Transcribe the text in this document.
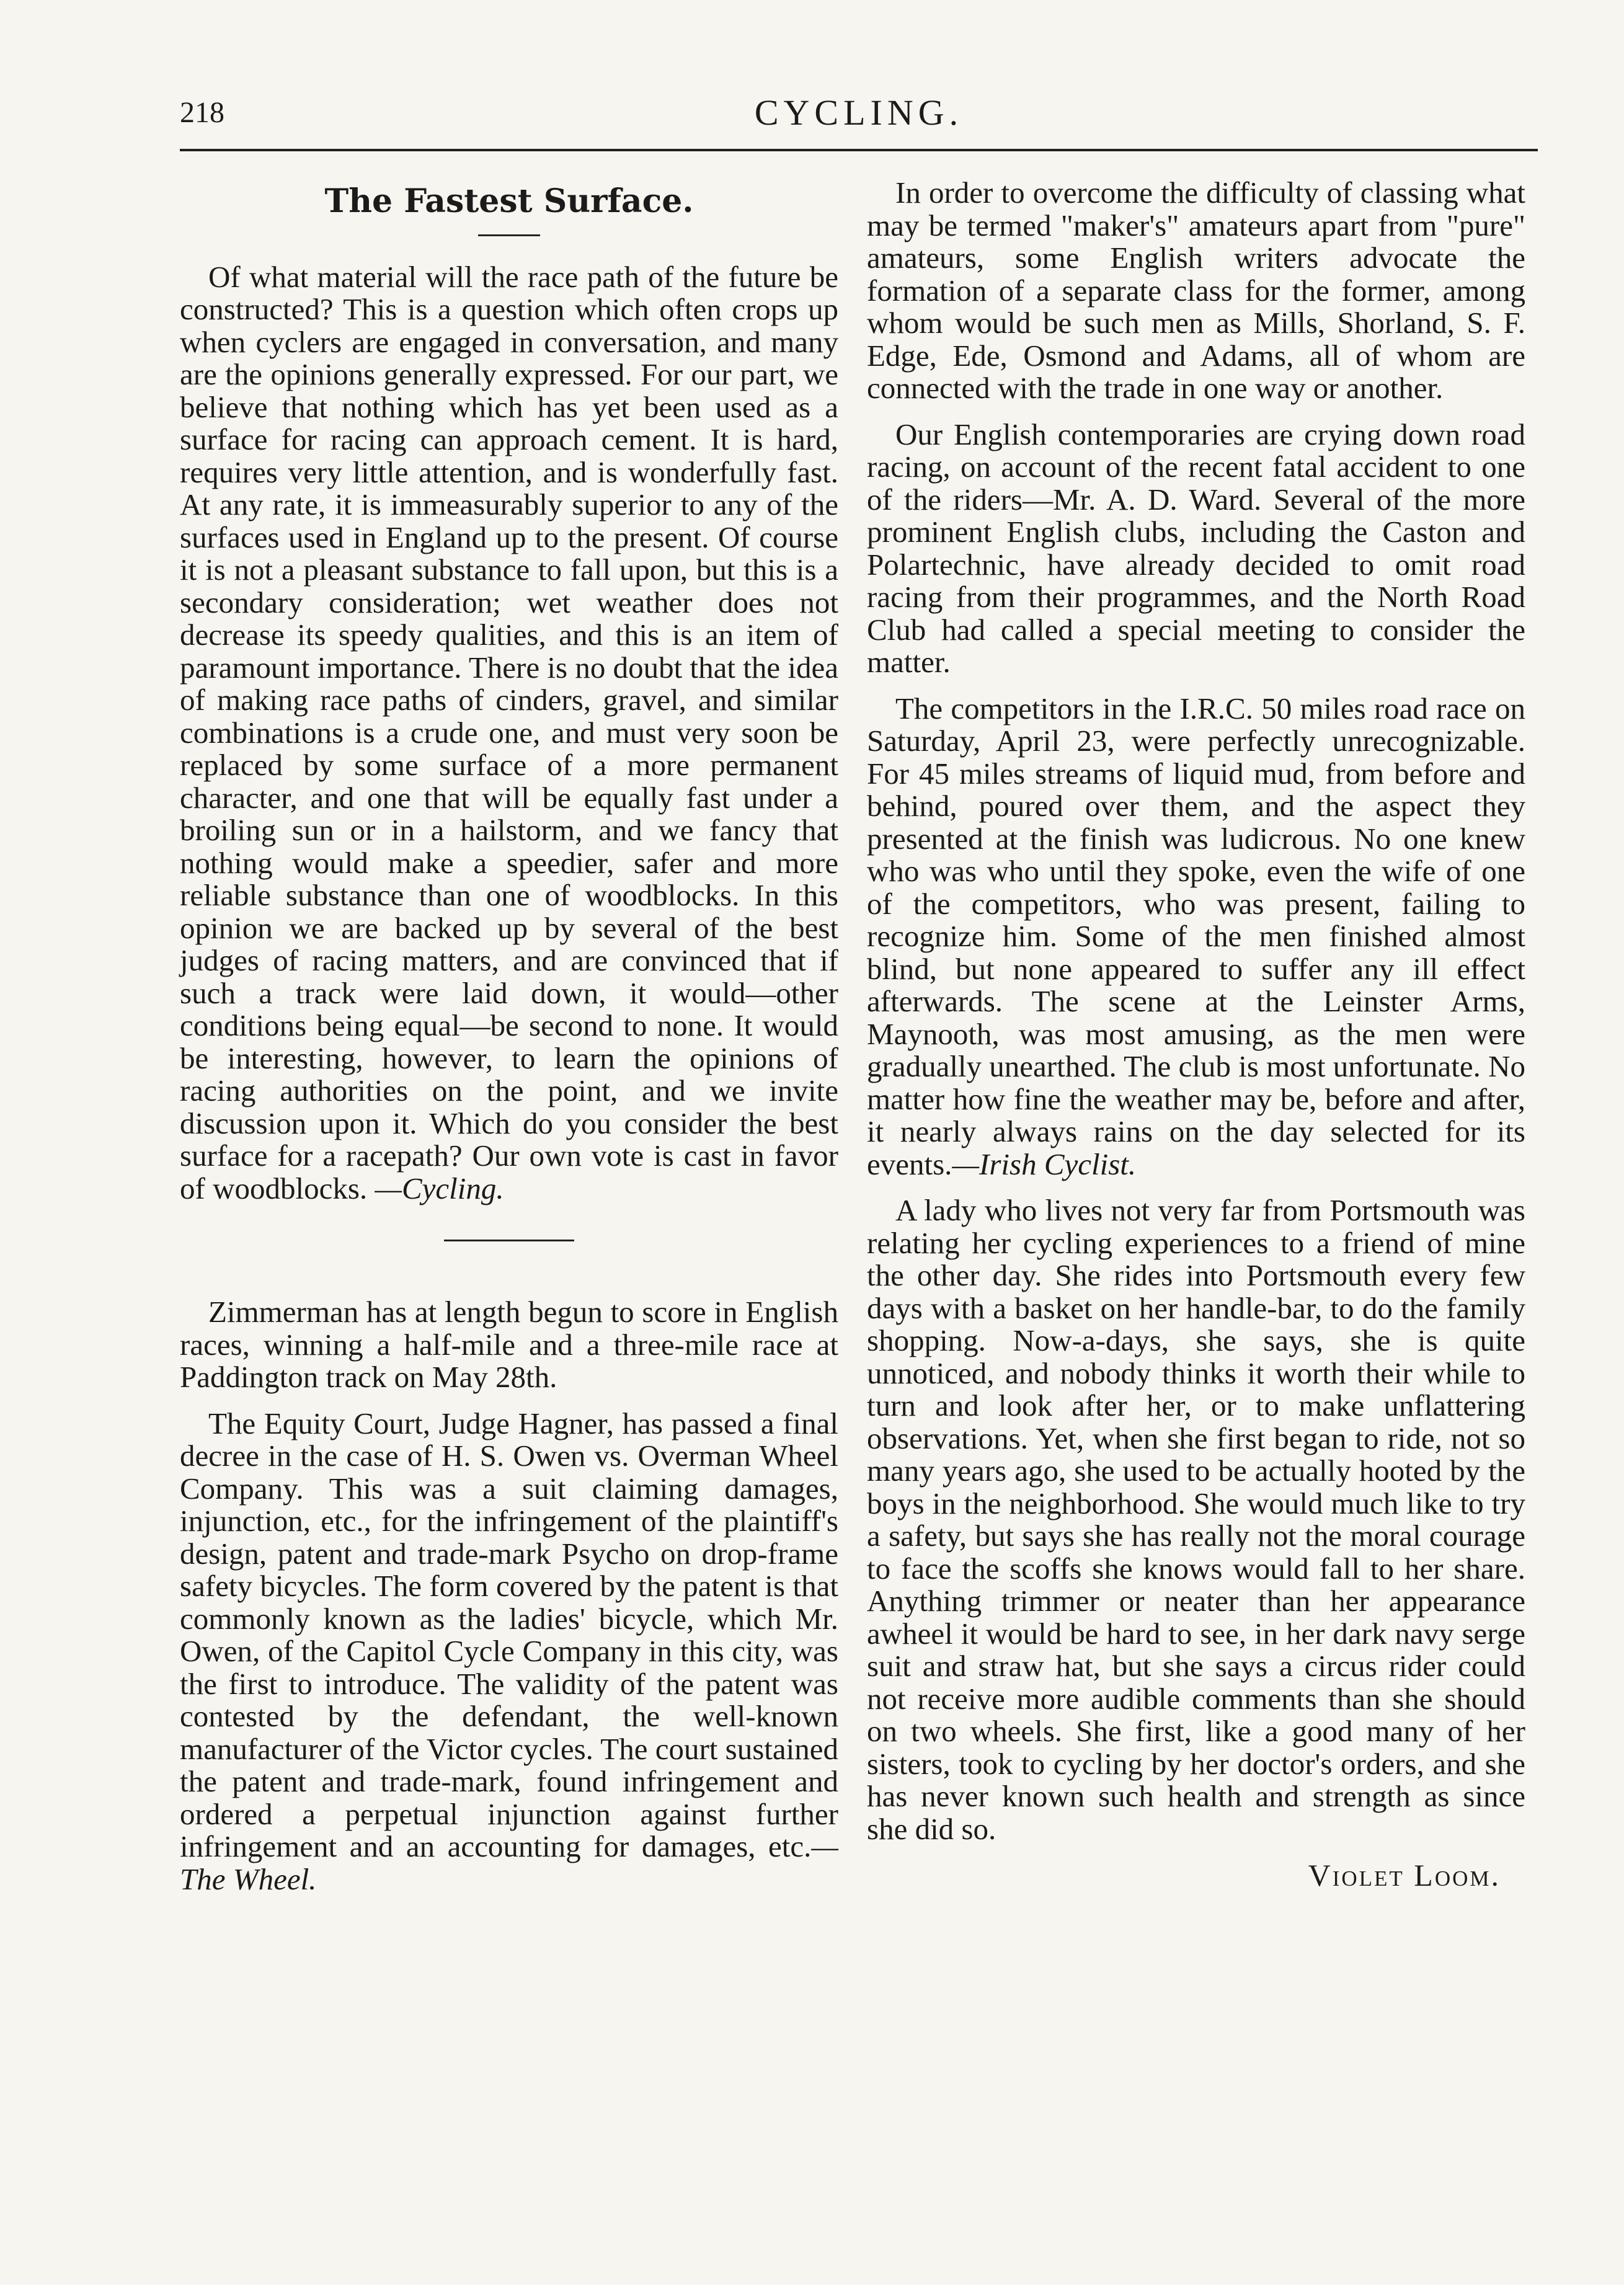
218	CYCLING.
The Fastest Surface.

Of what material will the race path of the future be constructed? This is a question which often crops up when cyclers are engaged in conversation, and many are the opinions generally expressed. For our part, we believe that nothing which has yet been used as a surface for racing can approach cement. It is hard, requires very little attention, and is wonderfully fast. At any rate, it is immeasurably superior to any of the surfaces used in England up to the present. Of course it is not a pleasant substance to fall upon, but this is a secondary consideration; wet weather does not decrease its speedy qualities, and this is an item of paramount importance. There is no doubt that the idea of making race paths of cinders, gravel, and similar combinations is a crude one, and must very soon be replaced by some surface of a more permanent character, and one that will be equally fast under a broiling sun or in a hailstorm, and we fancy that nothing would make a speedier, safer and more reliable substance than one of woodblocks. In this opinion we are backed up by several of the best judges of racing matters, and are convinced that if such a track were laid down, it would—other conditions being equal—be second to none. It would be interesting, however, to learn the opinions of racing authorities on the point, and we invite discussion upon it. Which do you consider the best surface for a racepath? Our own vote is cast in favor of woodblocks. —Cycling.

Zimmerman has at length begun to score in English races, winning a half-mile and a three-mile race at Paddington track on May 28th.

The Equity Court, Judge Hagner, has passed a final decree in the case of H. S. Owen vs. Overman Wheel Company. This was a suit claiming damages, injunction, etc., for the infringement of the plaintiff's design, patent and trade-mark Psycho on drop-frame safety bicycles. The form covered by the patent is that commonly known as the ladies' bicycle, which Mr. Owen, of the Capitol Cycle Company in this city, was the first to introduce. The validity of the patent was contested by the defendant, the well-known manufacturer of the Victor cycles. The court sustained the patent and trade-mark, found infringement and ordered a perpetual injunction against further infringement and an accounting for damages, etc.—The Wheel.

In order to overcome the difficulty of classing what may be termed "maker's" amateurs apart from "pure" amateurs, some English writers advocate the formation of a separate class for the former, among whom would be such men as Mills, Shorland, S. F. Edge, Ede, Osmond and Adams, all of whom are connected with the trade in one way or another.

Our English contemporaries are crying down road racing, on account of the recent fatal accident to one of the riders—Mr. A. D. Ward. Several of the more prominent English clubs, including the Caston and Polartechnic, have already decided to omit road racing from their programmes, and the North Road Club had called a special meeting to consider the matter.

The competitors in the I.R.C. 50 miles road race on Saturday, April 23, were perfectly unrecognizable. For 45 miles streams of liquid mud, from before and behind, poured over them, and the aspect they presented at the finish was ludicrous. No one knew who was who until they spoke, even the wife of one of the competitors, who was present, failing to recognize him. Some of the men finished almost blind, but none appeared to suffer any ill effect afterwards. The scene at the Leinster Arms, Maynooth, was most amusing, as the men were gradually unearthed. The club is most unfortunate. No matter how fine the weather may be, before and after, it nearly always rains on the day selected for its events.—Irish Cyclist.

A lady who lives not very far from Portsmouth was relating her cycling experiences to a friend of mine the other day. She rides into Portsmouth every few days with a basket on her handle-bar, to do the family shopping. Now-a-days, she says, she is quite unnoticed, and nobody thinks it worth their while to turn and look after her, or to make unflattering observations. Yet, when she first began to ride, not so many years ago, she used to be actually hooted by the boys in the neighborhood. She would much like to try a safety, but says she has really not the moral courage to face the scoffs she knows would fall to her share. Anything trimmer or neater than her appearance awheel it would be hard to see, in her dark navy serge suit and straw hat, but she says a circus rider could not receive more audible comments than she should on two wheels. She first, like a good many of her sisters, took to cycling by her doctor's orders, and she has never known such health and strength as since she did so.

Violet Loom.
